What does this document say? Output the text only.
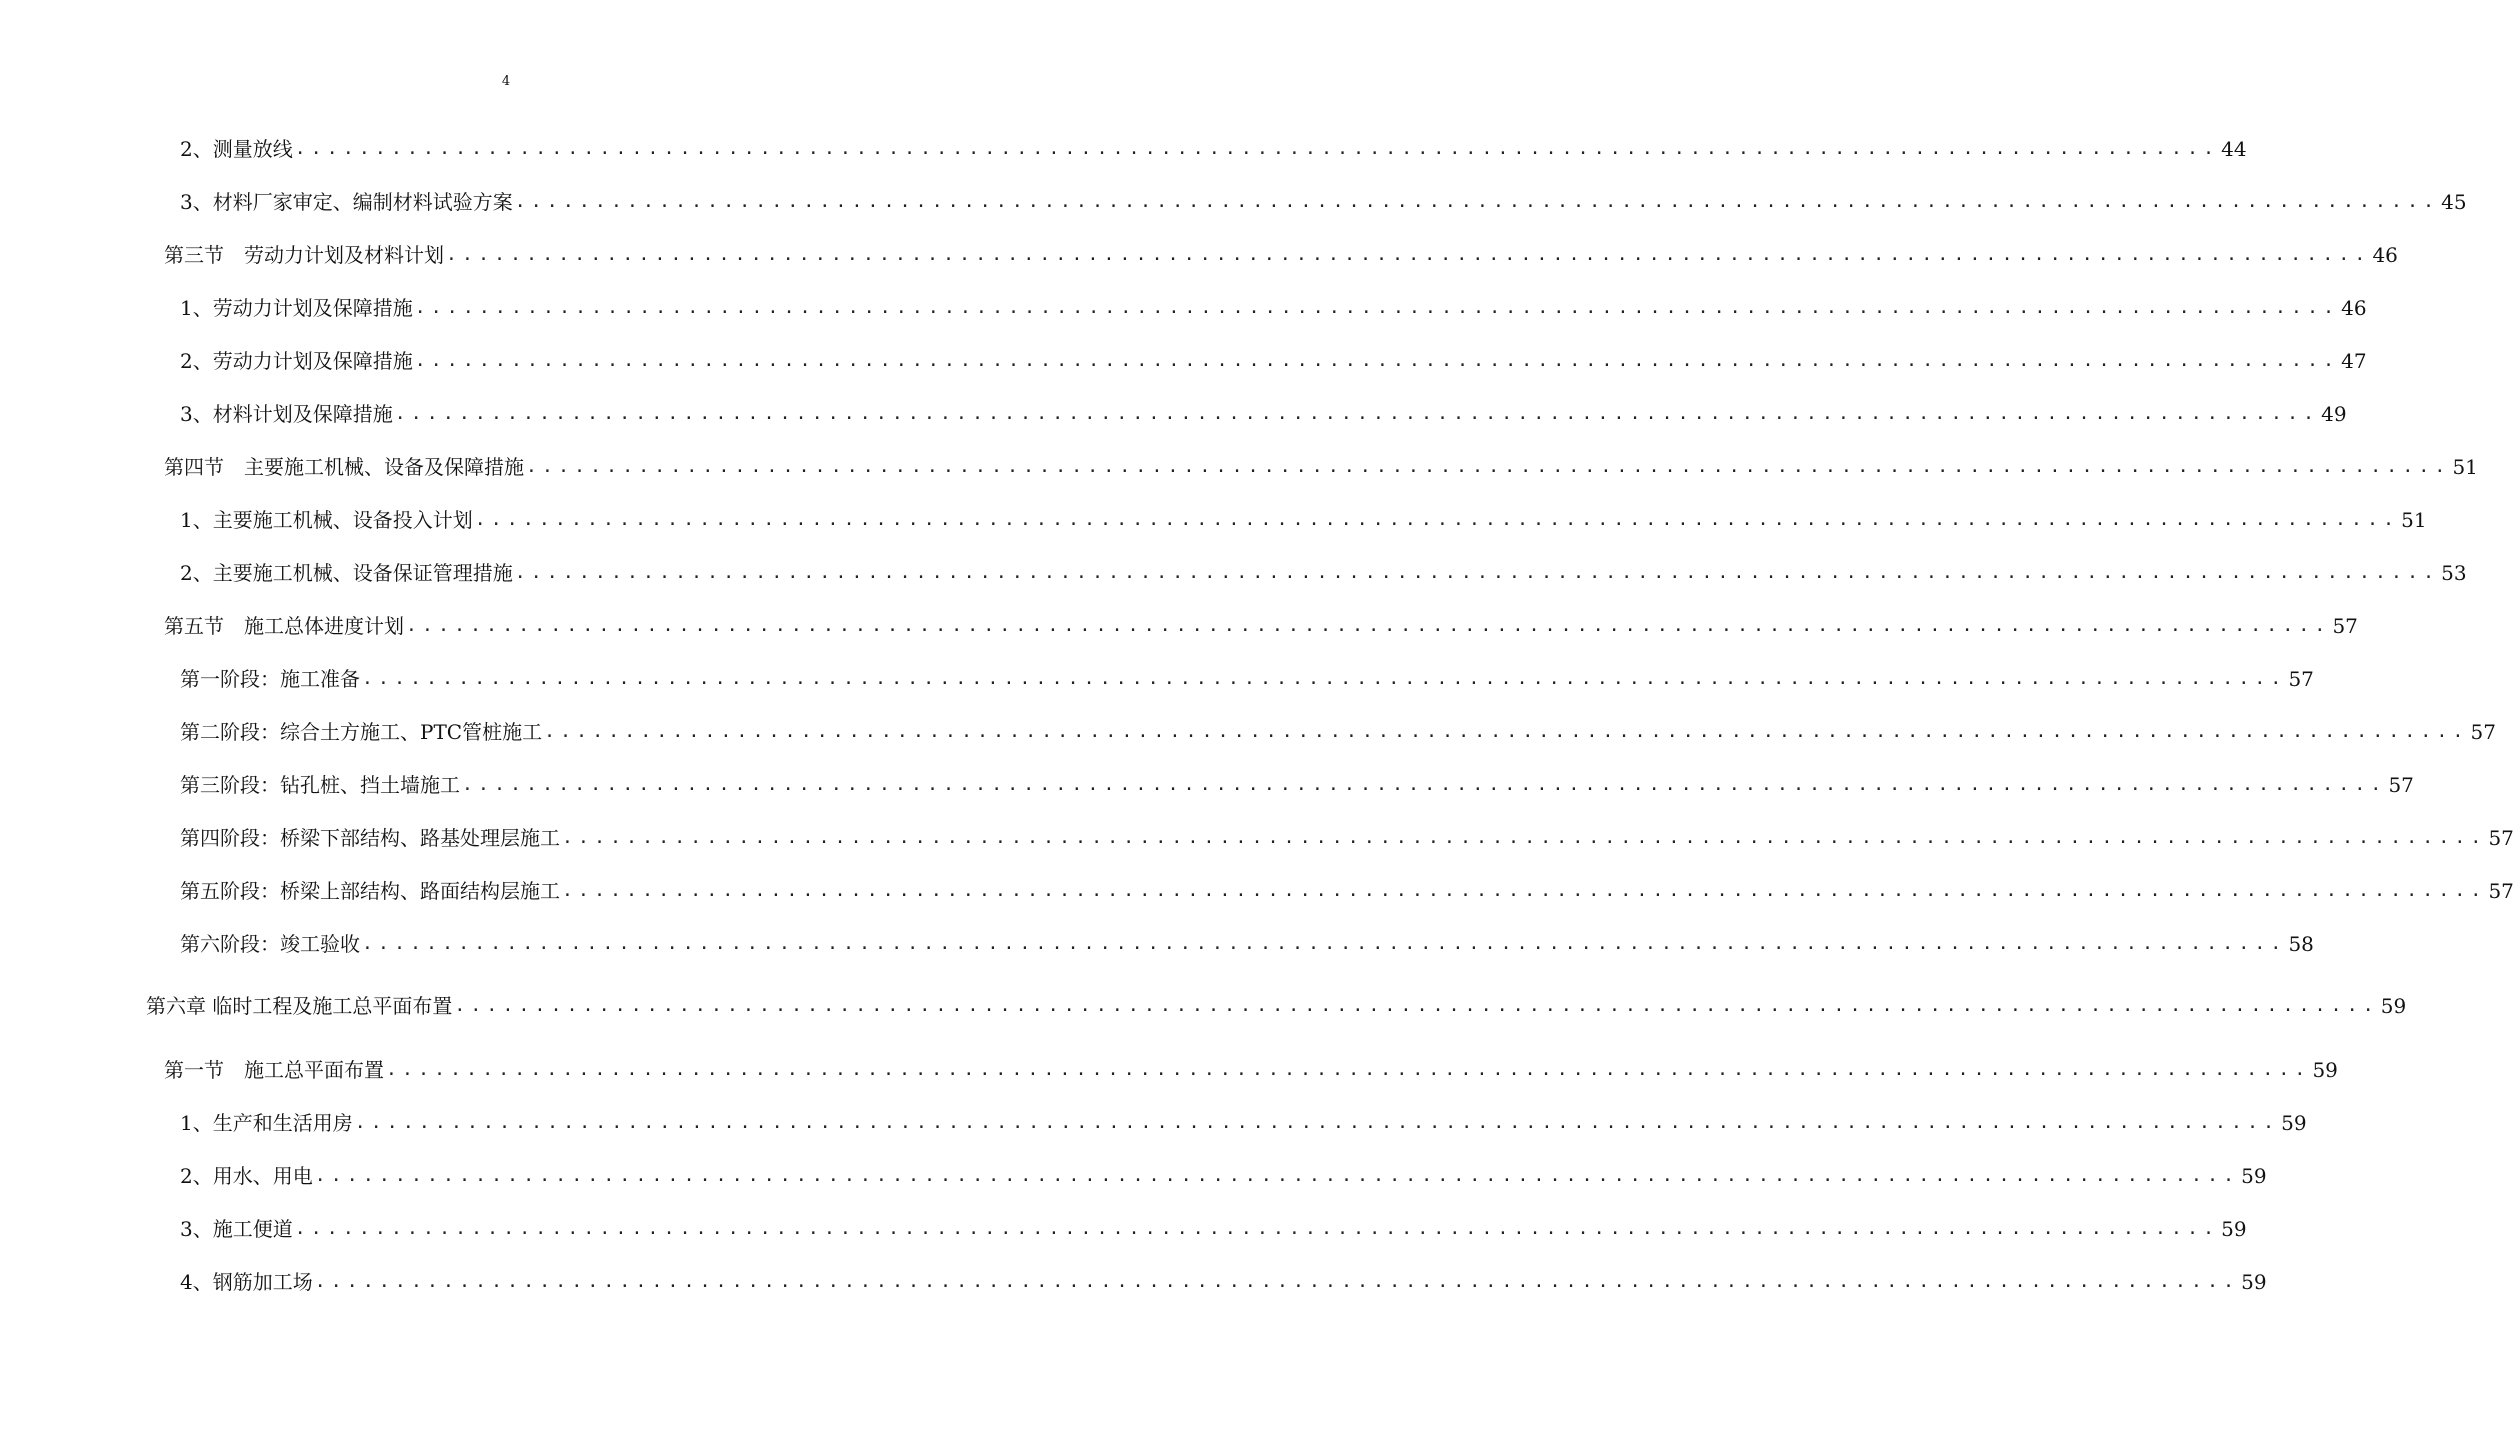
4
2、测量放线 ........................................................................................................................ 44
3、材料厂家审定、编制材料试验方案 ........................................................................................................................ 45
第三节　劳动力计划及材料计划 ........................................................................................................................ 46
1、劳动力计划及保障措施 ........................................................................................................................ 46
2、劳动力计划及保障措施 ........................................................................................................................ 47
3、材料计划及保障措施 ........................................................................................................................ 49
第四节　主要施工机械、设备及保障措施 ........................................................................................................................ 51
1、主要施工机械、设备投入计划 ........................................................................................................................ 51
2、主要施工机械、设备保证管理措施 ........................................................................................................................ 53
第五节　施工总体进度计划 ........................................................................................................................ 57
第一阶段：施工准备 ........................................................................................................................ 57
第二阶段：综合土方施工、PTC管桩施工 ........................................................................................................................ 57
第三阶段：钻孔桩、挡土墙施工 ........................................................................................................................ 57
第四阶段：桥梁下部结构、路基处理层施工 ........................................................................................................................ 57
第五阶段：桥梁上部结构、路面结构层施工 ........................................................................................................................ 57
第六阶段：竣工验收 ........................................................................................................................ 58
第六章 临时工程及施工总平面布置 ........................................................................................................................ 59
第一节　施工总平面布置 ........................................................................................................................ 59
1、生产和生活用房 ........................................................................................................................ 59
2、用水、用电 ........................................................................................................................ 59
3、施工便道 ........................................................................................................................ 59
4、钢筋加工场 ........................................................................................................................ 59
